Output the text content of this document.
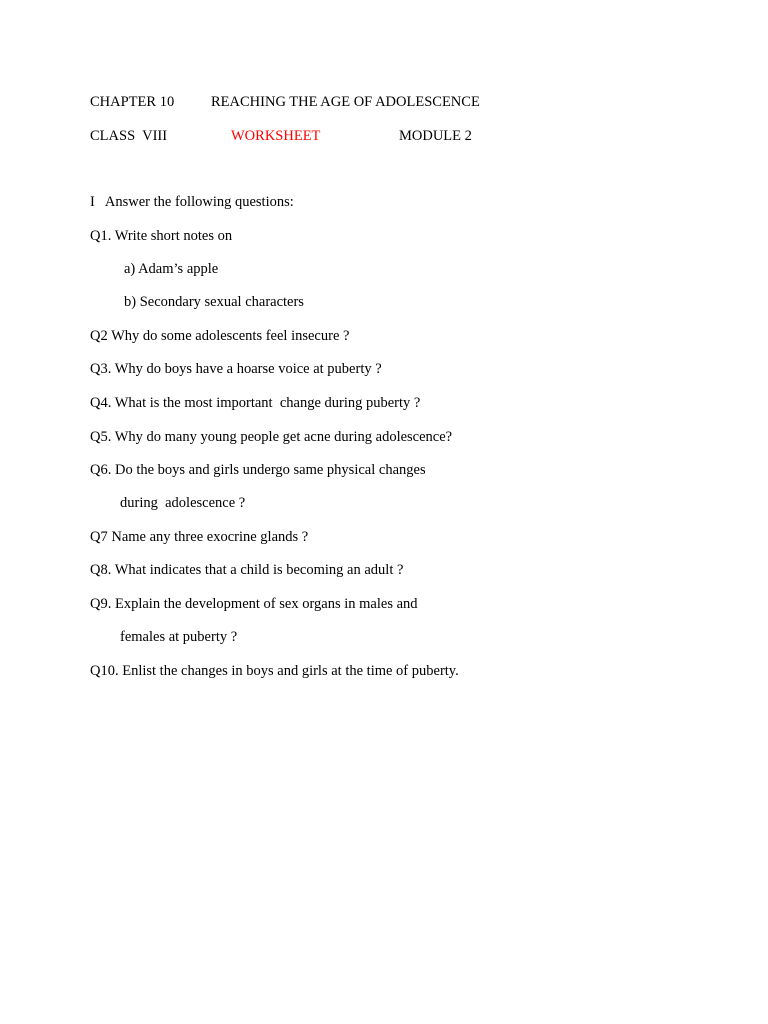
CHAPTER 10	REACHING THE AGE OF ADOLESCENCE
CLASS  VIII	WORKSHEET	MODULE 2
I   Answer the following questions:
Q1. Write short notes on
a) Adam’s apple
b) Secondary sexual characters
Q2 Why do some adolescents feel insecure ?
Q3. Why do boys have a hoarse voice at puberty ?
Q4. What is the most important  change during puberty ?
Q5. Why do many young people get acne during adolescence?
Q6. Do the boys and girls undergo same physical changes
during  adolescence ?
Q7 Name any three exocrine glands ?
Q8. What indicates that a child is becoming an adult ?
Q9. Explain the development of sex organs in males and
females at puberty ?
Q10. Enlist the changes in boys and girls at the time of puberty.
